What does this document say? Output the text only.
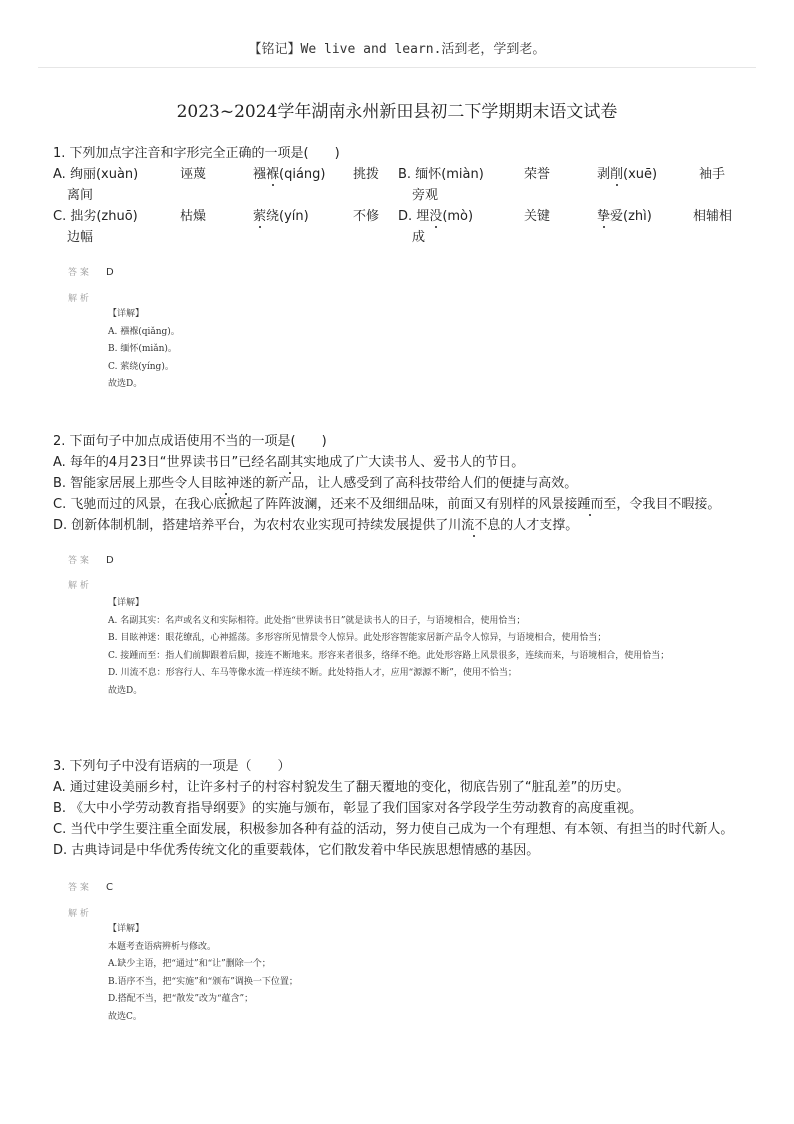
【铭记】We live and learn.活到老，学到老。
2023~2024学年湖南永州新田县初二下学期期末语文试卷
1. 下列加点字注音和字形完全正确的一项是(　　)
A. 绚丽(xuàn)	诬蔑	襁褓(qiáng) 挑拨
离间
B. 缅怀(miàn)	荣誉	剥削(xuē)	袖手
旁观
C. 拙劣(zhuō)	枯燥	萦绕(yín)	不修
边幅
D. 埋没(mò)	关键	挚爱(zhì)	相辅相
成
答 案 D
解 析
【详解】
A. 襁褓(qiǎng)。
B. 缅怀(miǎn)。
C. 萦绕(yíng)。
故选D。
2. 下面句子中加点成语使用不当的一项是(　　)
A. 每年的4月23日“世界读书日”已经名副其实地成了广大读书人、爱书人的节日。
B. 智能家居展上那些令人目眩神迷的新产品，让人感受到了高科技带给人们的便捷与高效。
C. 飞驰而过的风景，在我心底掀起了阵阵波澜，还来不及细细品味，前面又有别样的风景接踵而至，令我目不暇接。
D. 创新体制机制，搭建培养平台，为农村农业实现可持续发展提供了川流不息的人才支撑。
答 案 D
解 析
【详解】
A. 名副其实：名声或名义和实际相符。此处指“世界读书日”就是读书人的日子，与语境相合，使用恰当；
B. 目眩神迷：眼花缭乱，心神摇荡。多形容所见情景令人惊异。此处形容智能家居新产品令人惊异，与语境相合，使用恰当；
C. 接踵而至：指人们前脚跟着后脚，接连不断地来。形容来者很多，络绎不绝。此处形容路上风景很多，连续而来，与语境相合，使用恰当；
D. 川流不息：形容行人、车马等像水流一样连续不断。此处特指人才，应用“源源不断”，使用不恰当；
故选D。
3. 下列句子中没有语病的一项是（　　）
A. 通过建设美丽乡村，让许多村子的村容村貌发生了翻天覆地的变化，彻底告别了“脏乱差”的历史。
B. 《大中小学劳动教育指导纲要》的实施与颁布，彰显了我们国家对各学段学生劳动教育的高度重视。
C. 当代中学生要注重全面发展，积极参加各种有益的活动，努力使自己成为一个有理想、有本领、有担当的时代新人。
D. 古典诗词是中华优秀传统文化的重要载体，它们散发着中华民族思想情感的基因。
答 案 C
解 析
【详解】
本题考查语病辨析与修改。
A.缺少主语，把“通过”和“让”删除一个；
B.语序不当，把“实施”和“颁布”调换一下位置；
D.搭配不当，把“散发”改为“蕴含”；
故选C。
